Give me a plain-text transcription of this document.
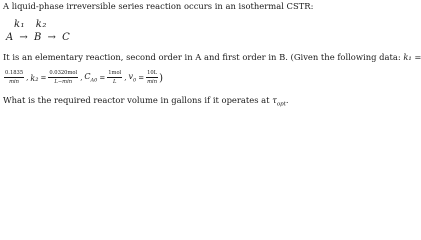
A liquid-phase irreversible series reaction occurs in an isothermal CSTR:
k₁ k₂
A → B → C
It is an elementary reaction, second order in A and first order in B. (Given the following data: k₁ =
$\frac{0.1835}{\min}$ , $k_2 = \frac{\text{0.0320mol}}{L-\min}$ , $C_{A0} = \frac{\text{1mol}}{L}$ , $v_0 = \frac{10L}{\min}$ )
What is the required reactor volume in gallons if it operates at $\tau_{opt}$.
